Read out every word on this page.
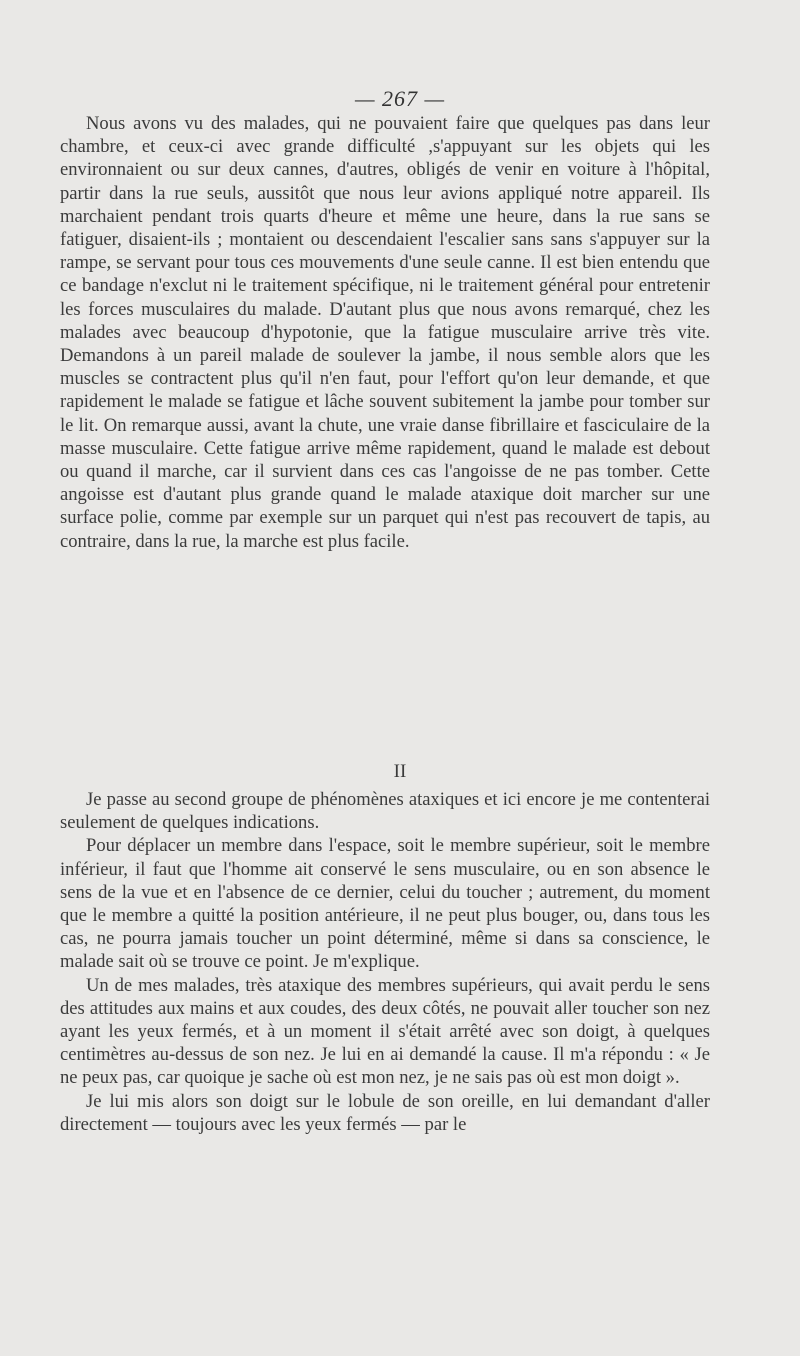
— 267 —

Nous avons vu des malades, qui ne pouvaient faire que quelques pas dans leur chambre, et ceux-ci avec grande difficulté ,s'appuyant sur les objets qui les environnaient ou sur deux cannes, d'autres, obligés de venir en voiture à l'hôpital, partir dans la rue seuls, aussitôt que nous leur avions appliqué notre appareil. Ils marchaient pendant trois quarts d'heure et même une heure, dans la rue sans se fatiguer, disaient-ils ; montaient ou descendaient l'escalier sans sans s'appuyer sur la rampe, se servant pour tous ces mouvements d'une seule canne. Il est bien entendu que ce bandage n'exclut ni le traitement spécifique, ni le traitement général pour entretenir les forces musculaires du malade. D'autant plus que nous avons remarqué, chez les malades avec beaucoup d'hypotonie, que la fatigue musculaire arrive très vite. Demandons à un pareil malade de soulever la jambe, il nous semble alors que les muscles se contractent plus qu'il n'en faut, pour l'effort qu'on leur demande, et que rapidement le malade se fatigue et lâche souvent subitement la jambe pour tomber sur le lit. On remarque aussi, avant la chute, une vraie danse fibrillaire et fasciculaire de la masse musculaire. Cette fatigue arrive même rapidement, quand le malade est debout ou quand il marche, car il survient dans ces cas l'angoisse de ne pas tomber. Cette angoisse est d'autant plus grande quand le malade ataxique doit marcher sur une surface polie, comme par exemple sur un parquet qui n'est pas recouvert de tapis, au contraire, dans la rue, la marche est plus facile.

II

Je passe au second groupe de phénomènes ataxiques et ici encore je me contenterai seulement de quelques indications.

Pour déplacer un membre dans l'espace, soit le membre supérieur, soit le membre inférieur, il faut que l'homme ait conservé le sens musculaire, ou en son absence le sens de la vue et en l'absence de ce dernier, celui du toucher ; autrement, du moment que le membre a quitté la position antérieure, il ne peut plus bouger, ou, dans tous les cas, ne pourra jamais toucher un point déterminé, même si dans sa conscience, le malade sait où se trouve ce point. Je m'explique.

Un de mes malades, très ataxique des membres supérieurs, qui avait perdu le sens des attitudes aux mains et aux coudes, des deux côtés, ne pouvait aller toucher son nez ayant les yeux fermés, et à un moment il s'était arrêté avec son doigt, à quelques centimètres au-dessus de son nez. Je lui en ai demandé la cause. Il m'a répondu : « Je ne peux pas, car quoique je sache où est mon nez, je ne sais pas où est mon doigt ».

Je lui mis alors son doigt sur le lobule de son oreille, en lui demandant d'aller directement — toujours avec les yeux fermés — par le
